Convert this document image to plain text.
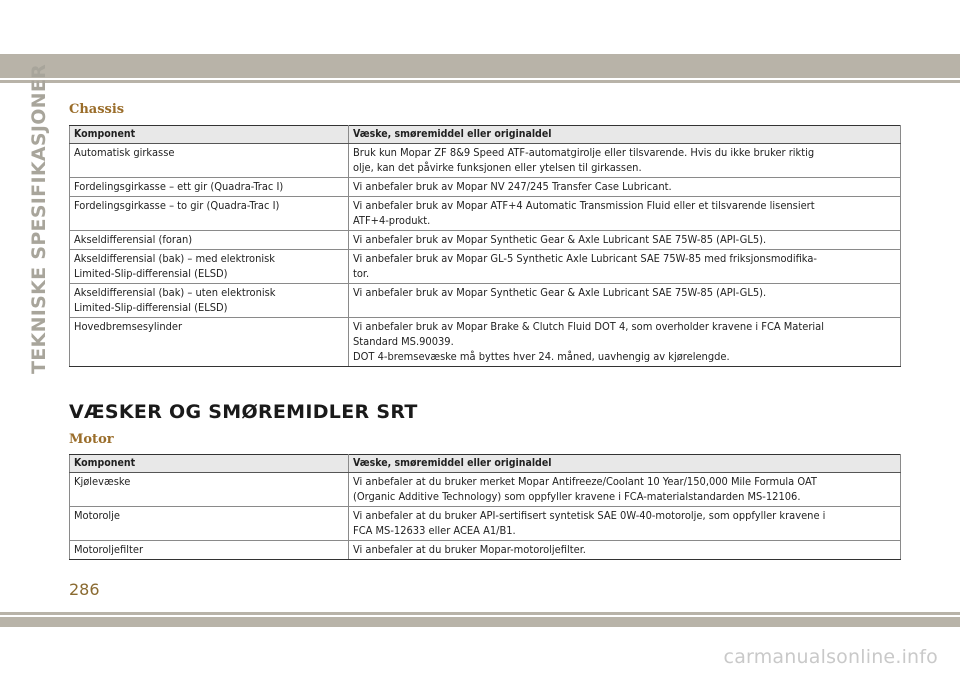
TEKNISKE SPESIFIKASJONER	Chassis
Komponent	Væske, smøremiddel eller originaldel

Automatisk girkasse	Bruk kun Mopar ZF 8&9 Speed ATF-automatgirolje eller tilsvarende. Hvis du ikke bruker riktig
olje, kan det påvirke funksjonen eller ytelsen til girkassen.

Fordelingsgirkasse – ett gir (Quadra-Trac I)	Vi anbefaler bruk av Mopar NV 247/245 Transfer Case Lubricant.

Fordelingsgirkasse – to gir (Quadra-Trac I)	Vi anbefaler bruk av Mopar ATF+4 Automatic Transmission Fluid eller et tilsvarende lisensiert
ATF+4-produkt.

Akseldifferensial (foran)	Vi anbefaler bruk av Mopar Synthetic Gear & Axle Lubricant SAE 75W-85 (API-GL5).

Akseldifferensial (bak) – med elektronisk
Limited-Slip-differensial (ELSD)	Vi anbefaler bruk av Mopar GL-5 Synthetic Axle Lubricant SAE 75W-85 med friksjonsmodifika-
tor.

Akseldifferensial (bak) – uten elektronisk
Limited-Slip-differensial (ELSD)	Vi anbefaler bruk av Mopar Synthetic Gear & Axle Lubricant SAE 75W-85 (API-GL5).

Hovedbremsesylinder	Vi anbefaler bruk av Mopar Brake & Clutch Fluid DOT 4, som overholder kravene i FCA Material
Standard MS.90039.
DOT 4-bremsevæske må byttes hver 24. måned, uavhengig av kjørelengde.
VÆSKER OG SMØREMIDLER SRT
Motor
Komponent	Væske, smøremiddel eller originaldel

Kjølevæske	Vi anbefaler at du bruker merket Mopar Antifreeze/Coolant 10 Year/150,000 Mile Formula OAT
(Organic Additive Technology) som oppfyller kravene i FCA-materialstandarden MS-12106.

Motorolje	Vi anbefaler at du bruker API-sertifisert syntetisk SAE 0W-40-motorolje, som oppfyller kravene i
FCA MS-12633 eller ACEA A1/B1.

Motoroljefilter	Vi anbefaler at du bruker Mopar-motoroljefilter.
286
carmanualsonline.info
